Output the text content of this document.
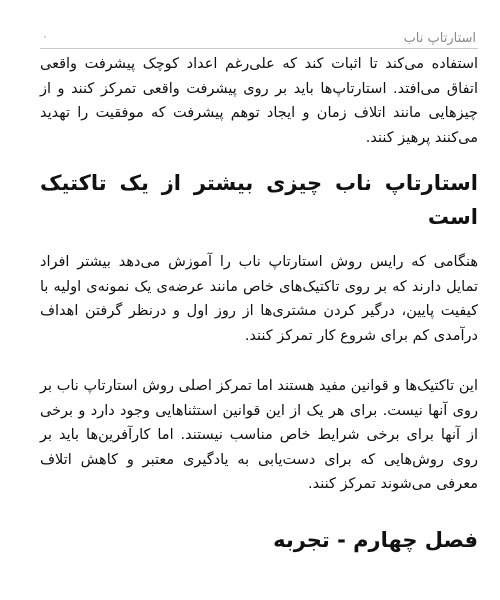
استارتاپ ناب
۰

استفاده می‌کند تا اثبات کند که علی‌رغم اعداد کوچک پیشرفت واقعی اتفاق می‌افتد. استارتاپ‌ها باید بر روی پیشرفت واقعی تمرکز کنند و از چیزهایی مانند اتلاف زمان و ایجاد توهم پیشرفت که موفقیت را تهدید می‌کنند پرهیز کنند.

استارتاپ ناب چیزی بیشتر از یک تاکتیک است

هنگامی که رایس روش استارتاپ ناب را آموزش می‌دهد بیشتر افراد تمایل دارند که بر روی تاکتیک‌های خاص مانند عرضه‌ی یک نمونه‌ی اولیه با کیفیت پایین، درگیر کردن مشتری‌ها از روز اول و درنظر گرفتن اهداف درآمدی کم برای شروع کار تمرکز کنند.

این تاکتیک‌ها و قوانین مفید هستند اما تمرکز اصلی روش استارتاپ ناب بر روی آنها نیست. برای هر یک از این قوانین استثناهایی وجود دارد و برخی از آنها برای برخی شرایط خاص مناسب نیستند. اما کارآفرین‌ها باید بر روی روش‌هایی که برای دست‌یابی به یادگیری معتبر و کاهش اتلاف معرفی می‌شوند تمرکز کنند.

فصل چهارم - تجربه
